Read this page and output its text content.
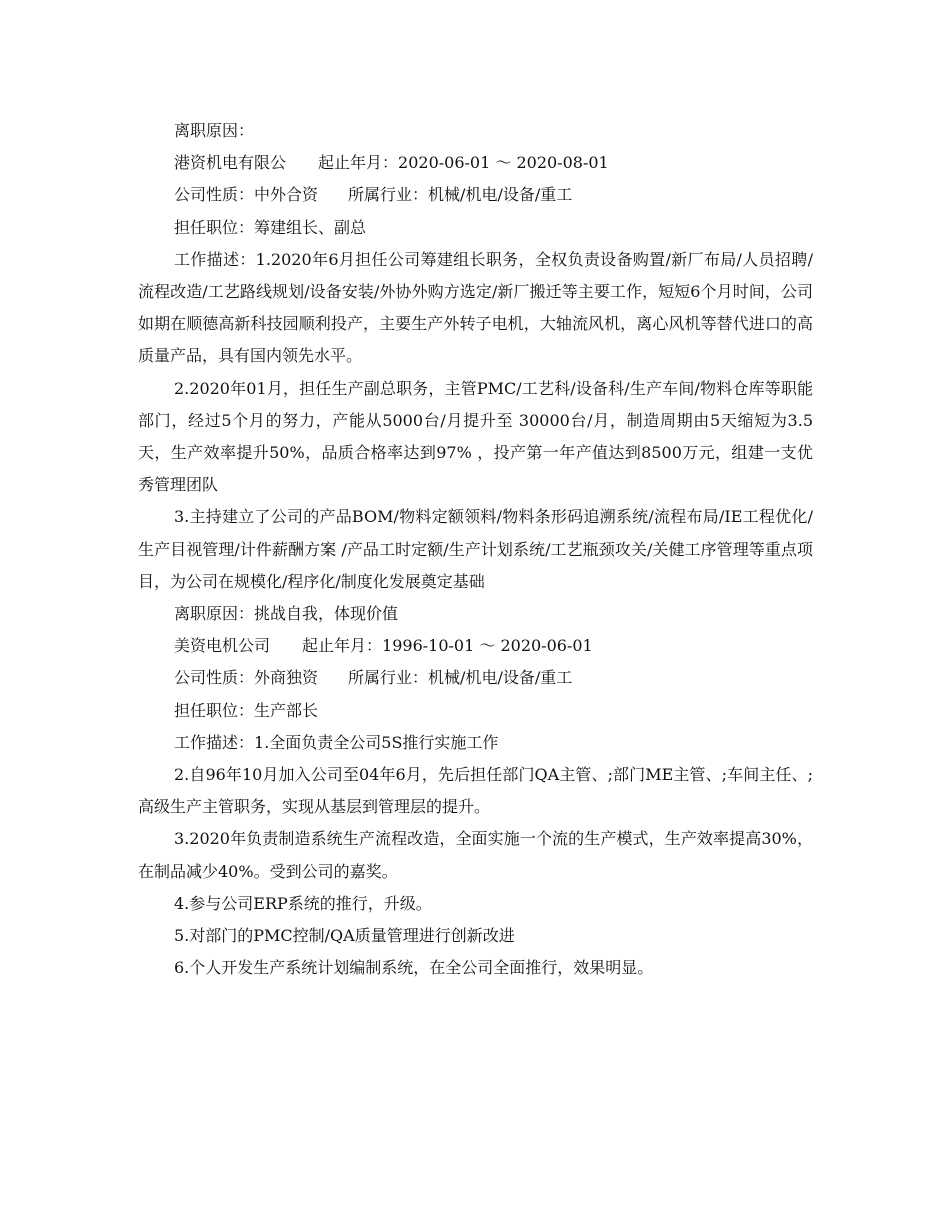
离职原因：

港资机电有限公 起止年月：2020-06-01 ～ 2020-08-01

公司性质：中外合资 所属行业：机械/机电/设备/重工

担任职位：筹建组长、副总

工作描述：1.2020年6月担任公司筹建组长职务，全权负责设备购置/新厂布局/人员招聘/流程改造/工艺路线规划/设备安装/外协外购方选定/新厂搬迁等主要工作，短短6个月时间，公司如期在顺德高新科技园顺利投产，主要生产外转子电机，大轴流风机，离心风机等替代进口的高质量产品，具有国内领先水平。

2.2020年01月，担任生产副总职务，主管PMC/工艺科/设备科/生产车间/物料仓库等职能部门，经过5个月的努力，产能从5000台/月提升至 30000台/月，制造周期由5天缩短为3.5天，生产效率提升50%，品质合格率达到97% ，投产第一年产值达到8500万元，组建一支优秀管理团队

3.主持建立了公司的产品BOM/物料定额领料/物料条形码追溯系统/流程布局/IE工程优化/生产目视管理/计件薪酬方案 /产品工时定额/生产计划系统/工艺瓶颈攻关/关健工序管理等重点项目，为公司在规模化/程序化/制度化发展奠定基础

离职原因：挑战自我，体现价值

美资电机公司 起止年月：1996-10-01 ～ 2020-06-01

公司性质：外商独资 所属行业：机械/机电/设备/重工

担任职位：生产部长

工作描述：1.全面负责全公司5S推行实施工作

2.自96年10月加入公司至04年6月，先后担任部门QA主管、;部门ME主管、;车间主任、;高级生产主管职务，实现从基层到管理层的提升。

3.2020年负责制造系统生产流程改造，全面实施一个流的生产模式，生产效率提高30%，在制品减少40%。受到公司的嘉奖。

4.参与公司ERP系统的推行，升级。

5.对部门的PMC控制/QA质量管理进行创新改进

6.个人开发生产系统计划编制系统，在全公司全面推行，效果明显。
